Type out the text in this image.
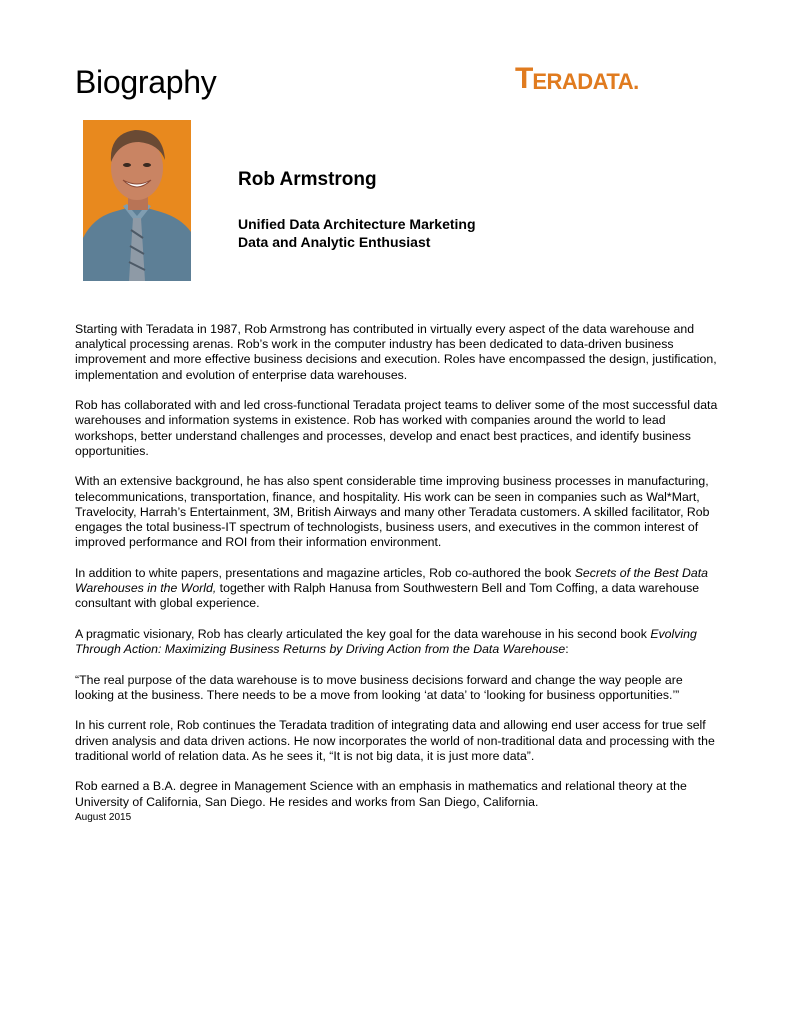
Biography	T ERADATA .
Rob Armstrong
Unified Data Architecture Marketing
Data and Analytic Enthusiast

Starting with Teradata in 1987, Rob Armstrong has contributed in virtually every aspect of the data warehouse and analytical processing arenas. Rob’s work in the computer industry has been dedicated to data-driven business improvement and more effective business decisions and execution. Roles have encompassed the design, justification, implementation and evolution of enterprise data warehouses.

Rob has collaborated with and led cross-functional Teradata project teams to deliver some of the most successful data warehouses and information systems in existence. Rob has worked with companies around the world to lead workshops, better understand challenges and processes, develop and enact best practices, and identify business opportunities.

With an extensive background, he has also spent considerable time improving business processes in manufacturing, telecommunications, transportation, finance, and hospitality. His work can be seen in companies such as Wal*Mart, Travelocity, Harrah’s Entertainment, 3M, British Airways and many other Teradata customers. A skilled facilitator, Rob engages the total business-IT spectrum of technologists, business users, and executives in the common interest of improved performance and ROI from their information environment.

In addition to white papers, presentations and magazine articles, Rob co-authored the book Secrets of the Best Data Warehouses in the World, together with Ralph Hanusa from Southwestern Bell and Tom Coffing, a data warehouse consultant with global experience.

A pragmatic visionary, Rob has clearly articulated the key goal for the data warehouse in his second book Evolving Through Action: Maximizing Business Returns by Driving Action from the Data Warehouse:

“The real purpose of the data warehouse is to move business decisions forward and change the way people are looking at the business. There needs to be a move from looking ‘at data’ to ‘looking for business opportunities.’”

In his current role, Rob continues the Teradata tradition of integrating data and allowing end user access for true self driven analysis and data driven actions. He now incorporates the world of non-traditional data and processing with the traditional world of relation data. As he sees it, “It is not big data, it is just more data”.

Rob earned a B.A. degree in Management Science with an emphasis in mathematics and relational theory at the University of California, San Diego. He resides and works from San Diego, California.

August 2015
